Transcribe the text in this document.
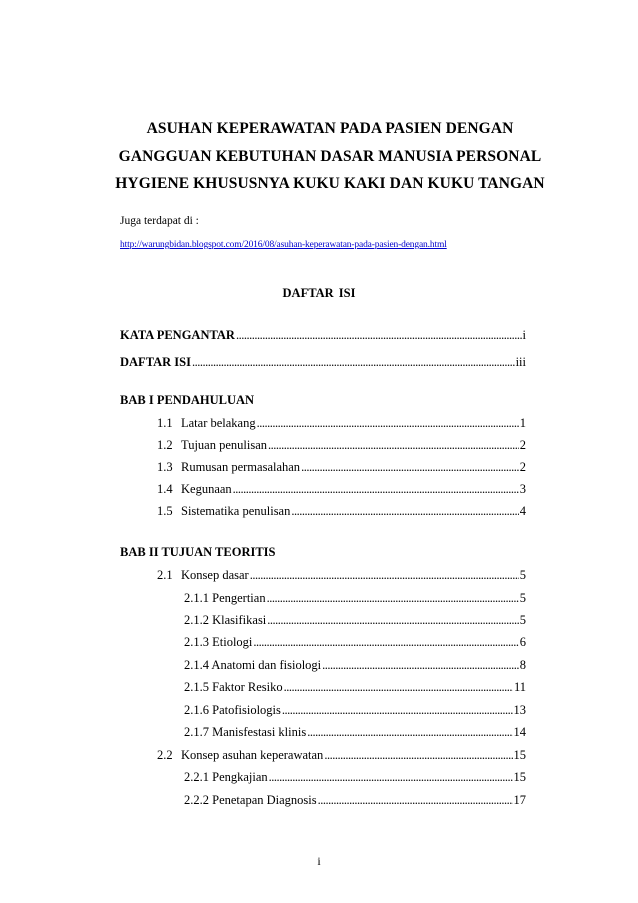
ASUHAN KEPERAWATAN PADA PASIEN DENGAN
GANGGUAN KEBUTUHAN DASAR MANUSIA PERSONAL
HYGIENE KHUSUSNYA KUKU KAKI DAN KUKU TANGAN
Juga terdapat di :
http://warungbidan.blogspot.com/2016/08/asuhan-keperawatan-pada-pasien-dengan.html
DAFTAR ISI
KATA PENGANTAR .....	i
DAFTAR ISI .....	iii
BAB I PENDAHULUAN
1.1 Latar belakang .....	1
1.2 Tujuan penulisan .....	2
1.3 Rumusan permasalahan .....	2
1.4 Kegunaan .....	3
1.5 Sistematika penulisan .....	4
BAB II TUJUAN TEORITIS
2.1 Konsep dasar .....	5
2.1.1 Pengertian .....	5
2.1.2 Klasifikasi .....	5
2.1.3 Etiologi .....	6
2.1.4 Anatomi dan fisiologi .....	8
2.1.5 Faktor Resiko .....	11
2.1.6 Patofisiologis .....	13
2.1.7 Manisfestasi klinis .....	14
2.2 Konsep asuhan keperawatan .....	15
2.2.1 Pengkajian .....	15
2.2.2 Penetapan Diagnosis .....	17
i
